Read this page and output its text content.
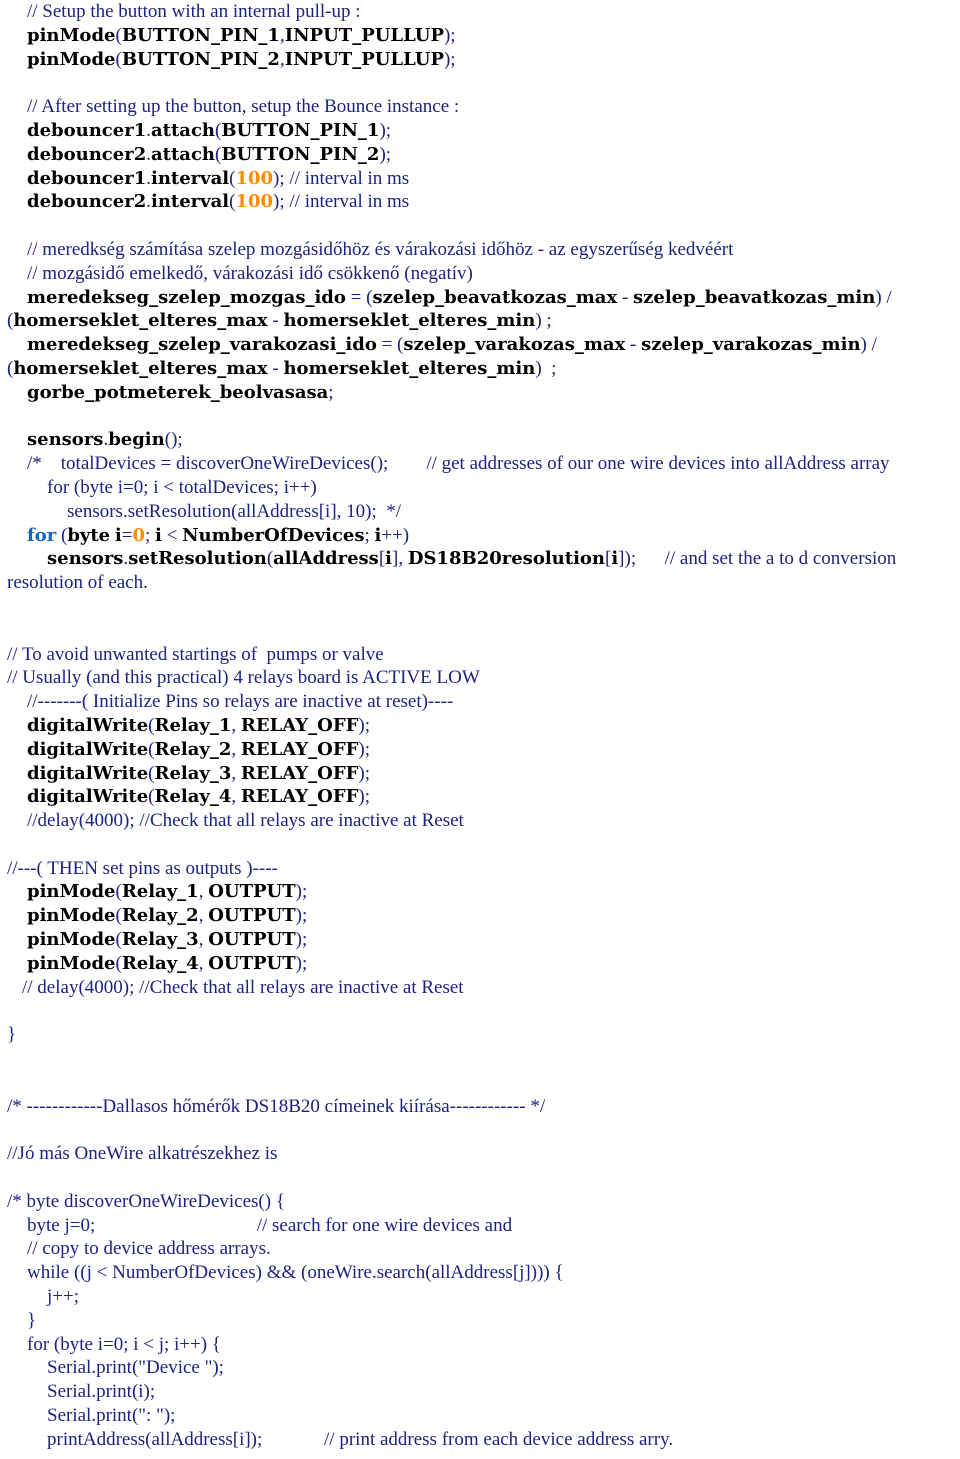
// Setup the button with an internal pull-up :
pinMode(BUTTON_PIN_1,INPUT_PULLUP);
pinMode(BUTTON_PIN_2,INPUT_PULLUP);
// After setting up the button, setup the Bounce instance :
debouncer1.attach(BUTTON_PIN_1);
debouncer2.attach(BUTTON_PIN_2);
debouncer1.interval(100); // interval in ms
debouncer2.interval(100); // interval in ms
// meredkség számítása szelep mozgásidőhöz és várakozási időhöz - az egyszerűség kedvéért
// mozgásidő emelkedő, várakozási idő csökkenő (negatív)
meredekseg_szelep_mozgas_ido = (szelep_beavatkozas_max - szelep_beavatkozas_min) /
(homerseklet_elteres_max - homerseklet_elteres_min) ;
meredekseg_szelep_varakozasi_ido = (szelep_varakozas_max - szelep_varakozas_min) /
(homerseklet_elteres_max - homerseklet_elteres_min)  ;
gorbe_potmeterek_beolvasasa;
sensors.begin();
/*    totalDevices = discoverOneWireDevices();        // get addresses of our one wire devices into allAddress array
for (byte i=0; i < totalDevices; i++)
sensors.setResolution(allAddress[i], 10);  */
for (byte i=0; i < NumberOfDevices; i++)
sensors.setResolution(allAddress[i], DS18B20resolution[i]);      // and set the a to d conversion
resolution of each.
// To avoid unwanted startings of  pumps or valve
// Usually (and this practical) 4 relays board is ACTIVE LOW
//-------( Initialize Pins so relays are inactive at reset)----
digitalWrite(Relay_1, RELAY_OFF);
digitalWrite(Relay_2, RELAY_OFF);
digitalWrite(Relay_3, RELAY_OFF);
digitalWrite(Relay_4, RELAY_OFF);
//delay(4000); //Check that all relays are inactive at Reset
//---( THEN set pins as outputs )----
pinMode(Relay_1, OUTPUT);
pinMode(Relay_2, OUTPUT);
pinMode(Relay_3, OUTPUT);
pinMode(Relay_4, OUTPUT);
// delay(4000); //Check that all relays are inactive at Reset
}
/* ------------Dallasos hőmérők DS18B20 címeinek kiírása------------ */
//Jó más OneWire alkatrészekhez is
/* byte discoverOneWireDevices() {
byte j=0;                                  // search for one wire devices and
// copy to device address arrays.
while ((j < NumberOfDevices) && (oneWire.search(allAddress[j]))) {
j++;
}
for (byte i=0; i < j; i++) {
Serial.print("Device ");
Serial.print(i);
Serial.print(": ");
printAddress(allAddress[i]);             // print address from each device address arry.
